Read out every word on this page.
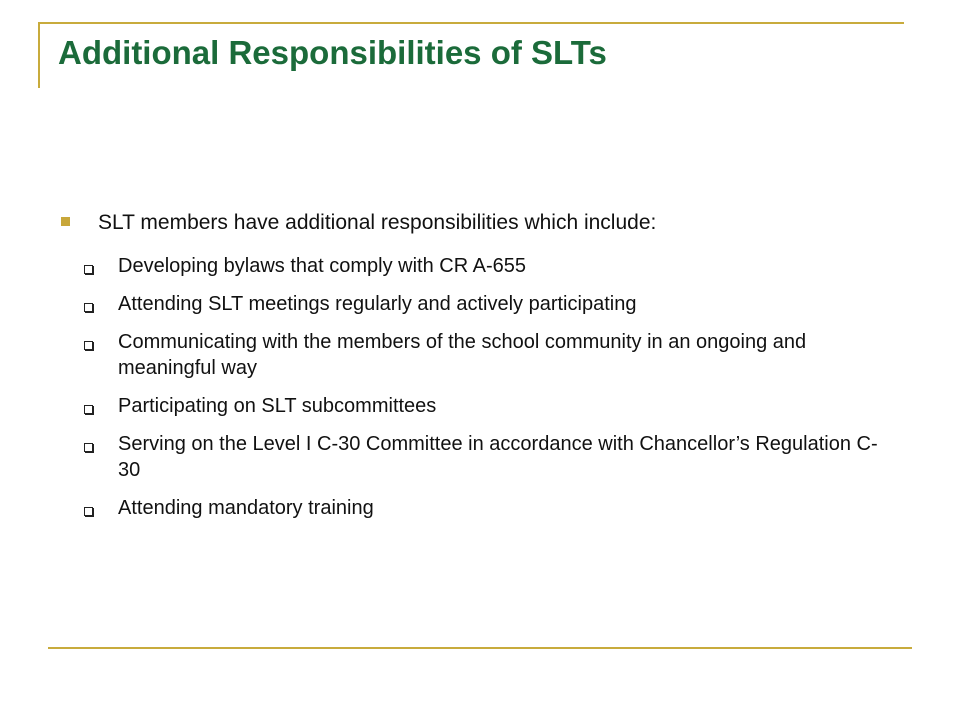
Additional Responsibilities of SLTs
SLT members have additional responsibilities which include:
Developing bylaws that comply with CR A-655
Attending SLT meetings regularly and actively participating
Communicating with the members of the school community in an ongoing and meaningful way
Participating on SLT subcommittees
Serving on the Level I C-30 Committee in accordance with Chancellor’s Regulation C-30
Attending mandatory training
